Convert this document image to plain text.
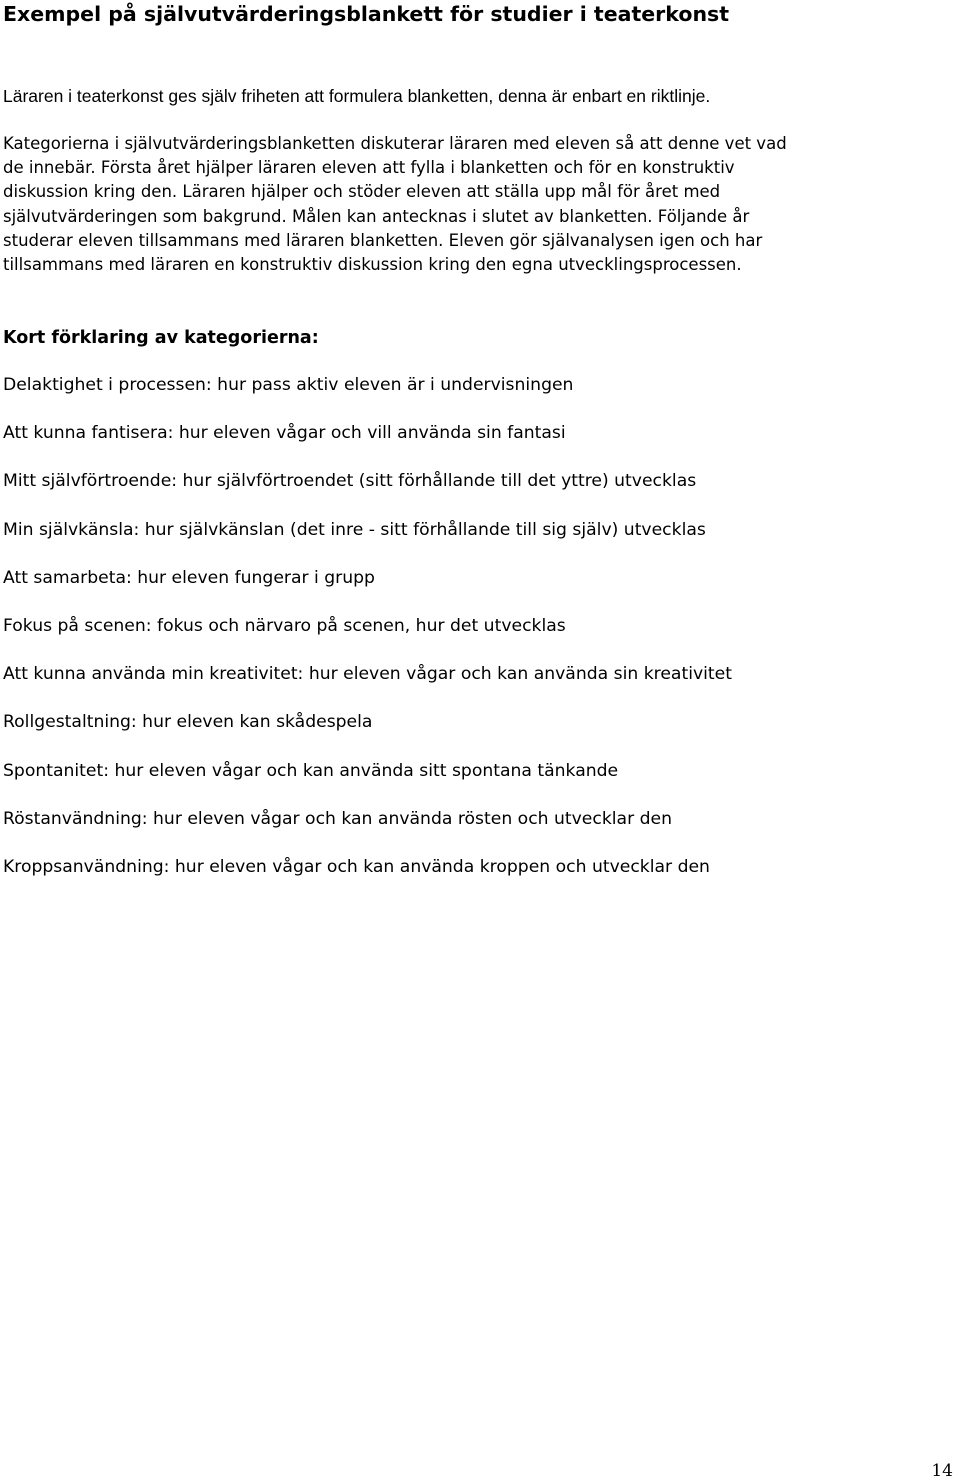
Exempel på självutvärderingsblankett för studier i teaterkonst

Läraren i teaterkonst ges själv friheten att formulera blanketten, denna är enbart en riktlinje.

Kategorierna i självutvärderingsblanketten diskuterar läraren med eleven så att denne vet vad
de innebär. Första året hjälper läraren eleven att fylla i blanketten och för en konstruktiv
diskussion kring den. Läraren hjälper och stöder eleven att ställa upp mål för året med
självutvärderingen som bakgrund. Målen kan antecknas i slutet av blanketten. Följande år
studerar eleven tillsammans med läraren blanketten. Eleven gör självanalysen igen och har
tillsammans med läraren en konstruktiv diskussion kring den egna utvecklingsprocessen.

Kort förklaring av kategorierna:
Delaktighet i processen: hur pass aktiv eleven är i undervisningen
Att kunna fantisera: hur eleven vågar och vill använda sin fantasi
Mitt självförtroende: hur självförtroendet (sitt förhållande till det yttre) utvecklas
Min självkänsla: hur självkänslan (det inre - sitt förhållande till sig själv) utvecklas
Att samarbeta: hur eleven fungerar i grupp
Fokus på scenen: fokus och närvaro på scenen, hur det utvecklas
Att kunna använda min kreativitet: hur eleven vågar och kan använda sin kreativitet
Rollgestaltning: hur eleven kan skådespela
Spontanitet: hur eleven vågar och kan använda sitt spontana tänkande
Röstanvändning: hur eleven vågar och kan använda rösten och utvecklar den
Kroppsanvändning: hur eleven vågar och kan använda kroppen och utvecklar den
14
